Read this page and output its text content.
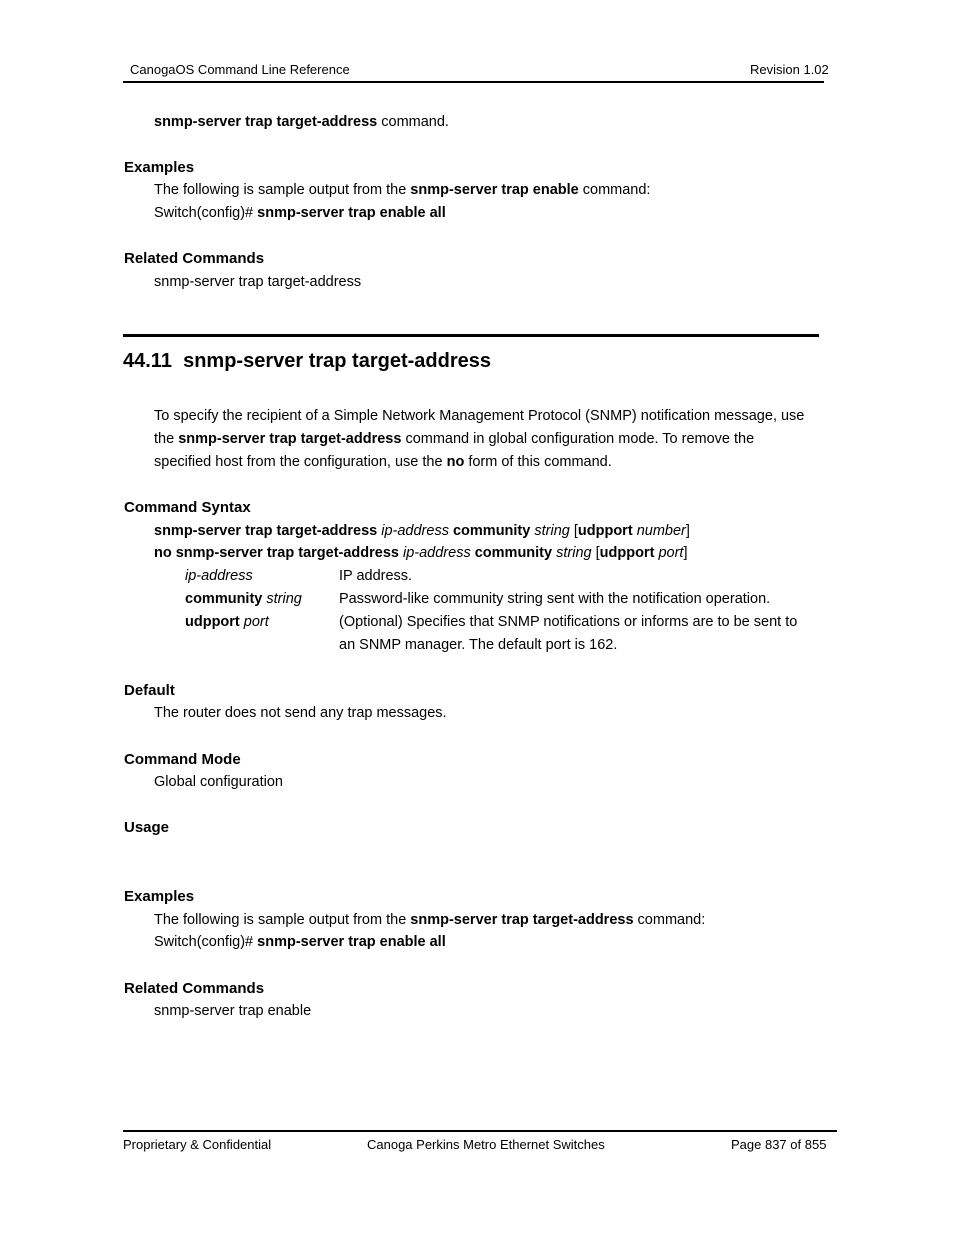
CanogaOS Command Line Reference	Revision 1.02
snmp-server trap target-address command.
Examples
The following is sample output from the snmp-server trap enable command:
Switch(config)# snmp-server trap enable all
Related Commands
snmp-server trap target-address
44.11 snmp-server trap target-address
To specify the recipient of a Simple Network Management Protocol (SNMP) notification message, use
the snmp-server trap target-address command in global configuration mode. To remove the
specified host from the configuration, use the no form of this command.
Command Syntax
snmp-server trap target-address ip-address community string [udpport number]
no snmp-server trap target-address ip-address community string [udpport port]
ip-address	IP address.
community string	Password-like community string sent with the notification operation.
udpport port	(Optional) Specifies that SNMP notifications or informs are to be sent to
an SNMP manager. The default port is 162.
Default
The router does not send any trap messages.
Command Mode
Global configuration
Usage
Examples
The following is sample output from the snmp-server trap target-address command:
Switch(config)# snmp-server trap enable all
Related Commands
snmp-server trap enable
Proprietary & Confidential	Canoga Perkins Metro Ethernet Switches	Page 837 of 855
